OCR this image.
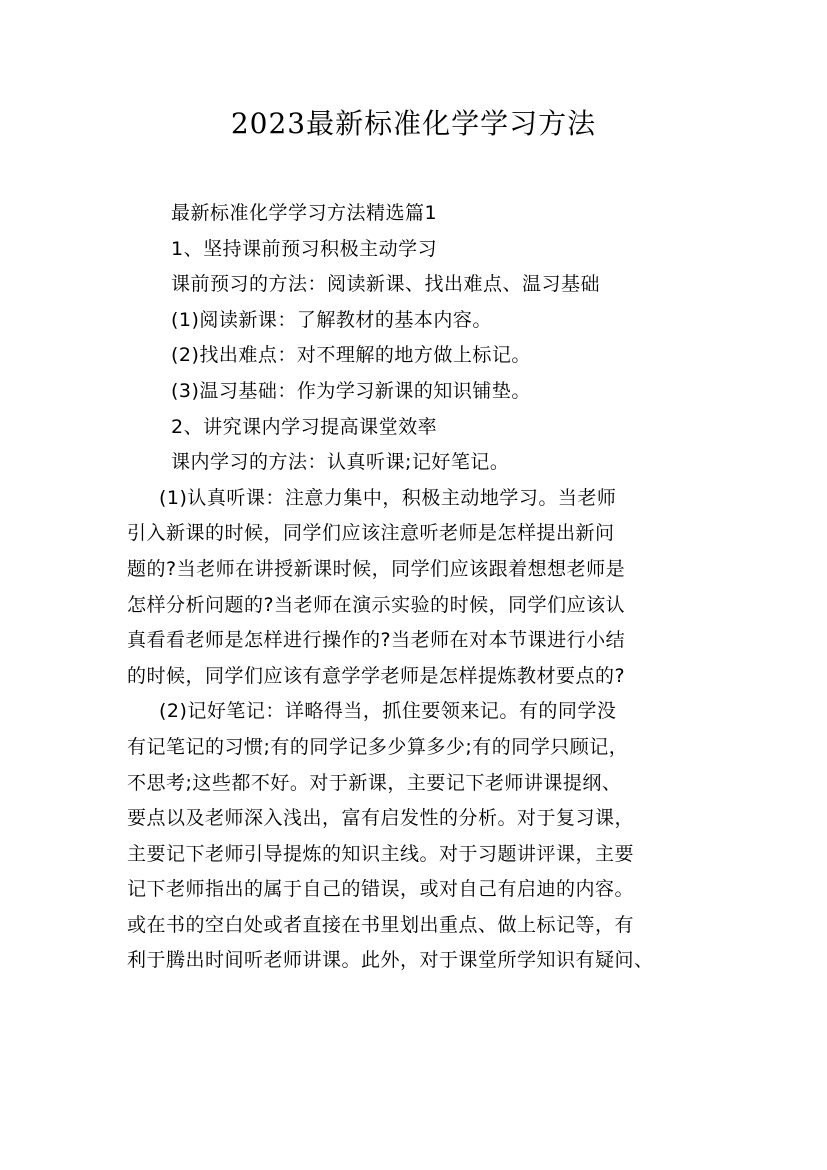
2023最新标准化学学习方法

最新标准化学学习方法精选篇1

1、坚持课前预习积极主动学习

课前预习的方法：阅读新课、找出难点、温习基础

(1)阅读新课：了解教材的基本内容。

(2)找出难点：对不理解的地方做上标记。

(3)温习基础：作为学习新课的知识铺垫。

2、讲究课内学习提高课堂效率

课内学习的方法：认真听课;记好笔记。

(1)认真听课：注意力集中，积极主动地学习。当老师

引入新课的时候，同学们应该注意听老师是怎样提出新问

题的?当老师在讲授新课时候，同学们应该跟着想想老师是

怎样分析问题的?当老师在演示实验的时候，同学们应该认

真看看老师是怎样进行操作的?当老师在对本节课进行小结

的时候，同学们应该有意学学老师是怎样提炼教材要点的?

(2)记好笔记：详略得当，抓住要领来记。有的同学没

有记笔记的习惯;有的同学记多少算多少;有的同学只顾记，

不思考;这些都不好。对于新课，主要记下老师讲课提纲、

要点以及老师深入浅出，富有启发性的分析。对于复习课，

主要记下老师引导提炼的知识主线。对于习题讲评课，主要

记下老师指出的属于自己的错误，或对自己有启迪的内容。

或在书的空白处或者直接在书里划出重点、做上标记等，有

利于腾出时间听老师讲课。此外，对于课堂所学知识有疑问、
